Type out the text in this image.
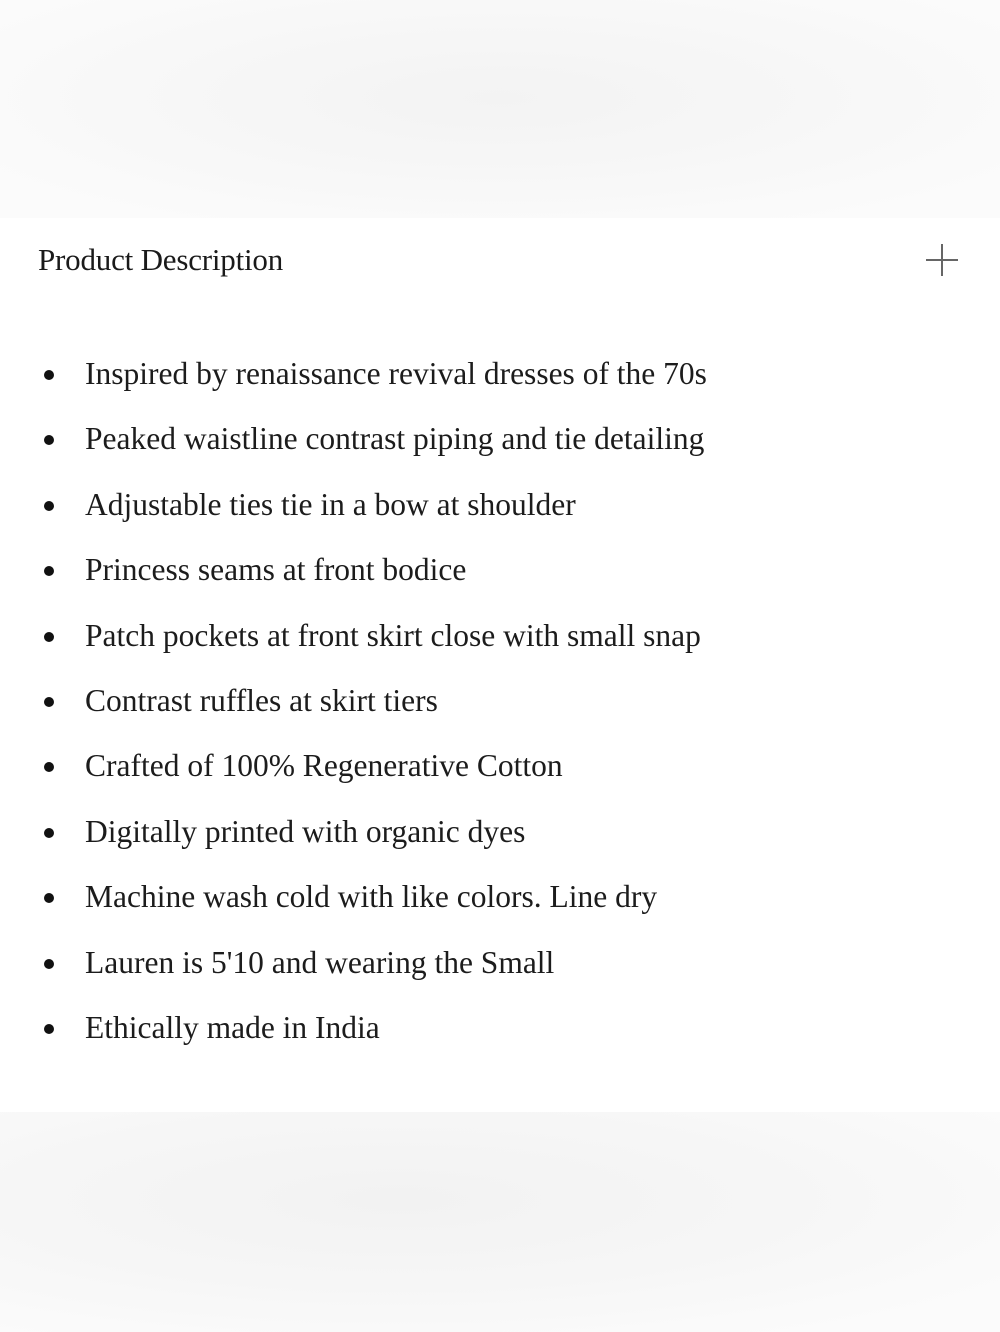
Product Description
Inspired by renaissance revival dresses of the 70s
Peaked waistline contrast piping and tie detailing
Adjustable ties tie in a bow at shoulder
Princess seams at front bodice
Patch pockets at front skirt close with small snap
Contrast ruffles at skirt tiers
Crafted of 100% Regenerative Cotton
Digitally printed with organic dyes
Machine wash cold with like colors. Line dry
Lauren is 5'10 and wearing the Small
Ethically made in India
